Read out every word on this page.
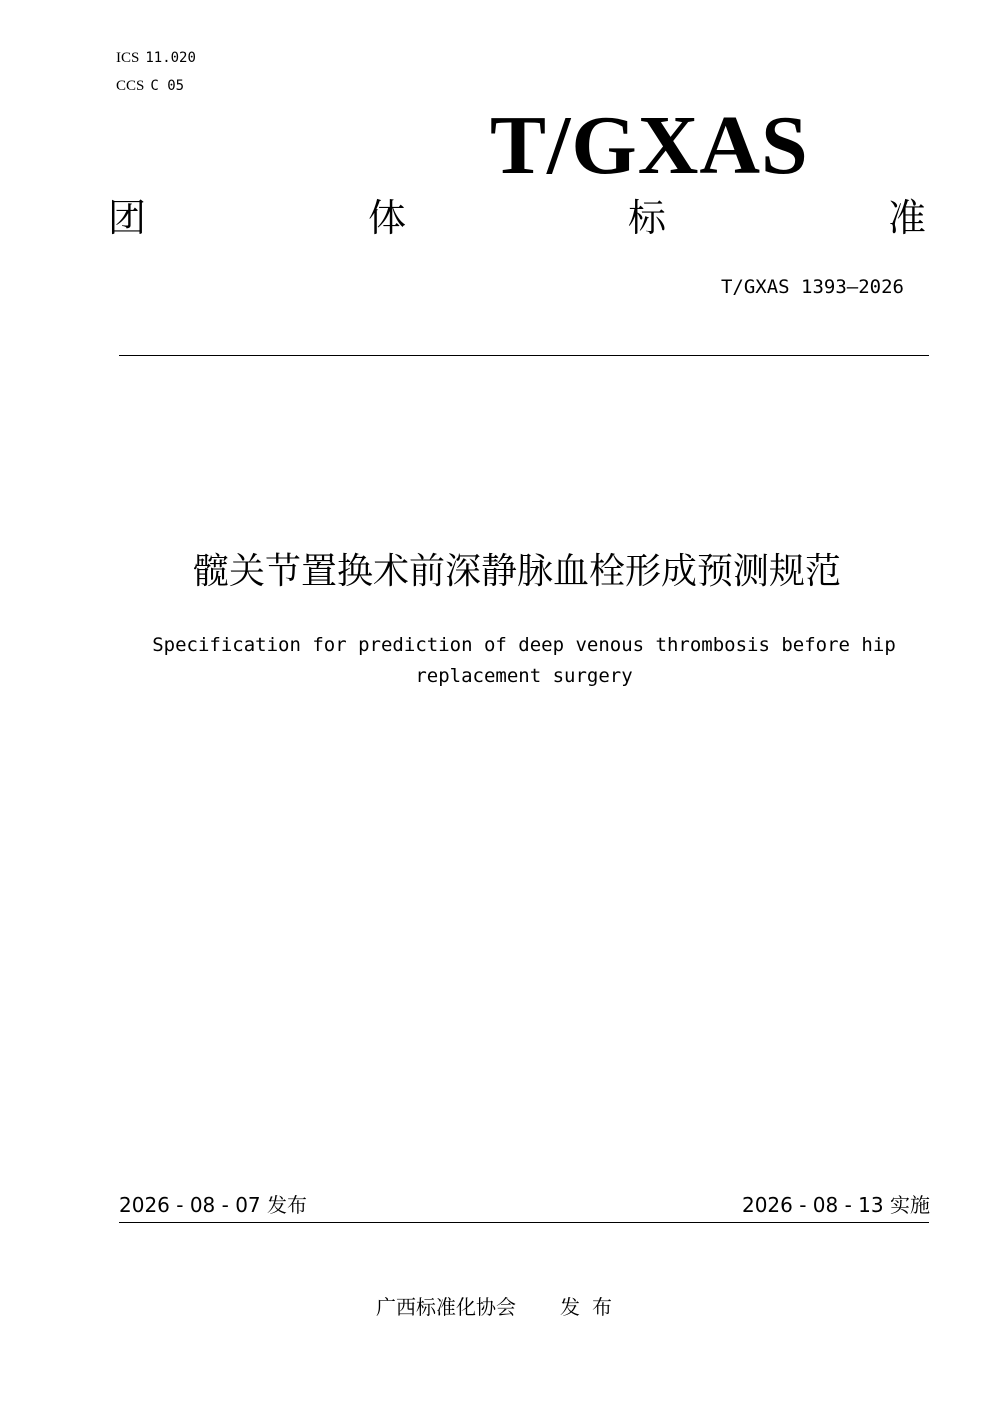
ICS 11.020
CCS C 05
T/GXAS
团	体	标	准
T/GXAS 1393—2026
髋关节置换术前深静脉血栓形成预测规范
Specification for prediction of deep venous thrombosis before hip replacement surgery
2026 - 08 - 07 发布	2026 - 08 - 13 实施
广西标准化协会 发布
